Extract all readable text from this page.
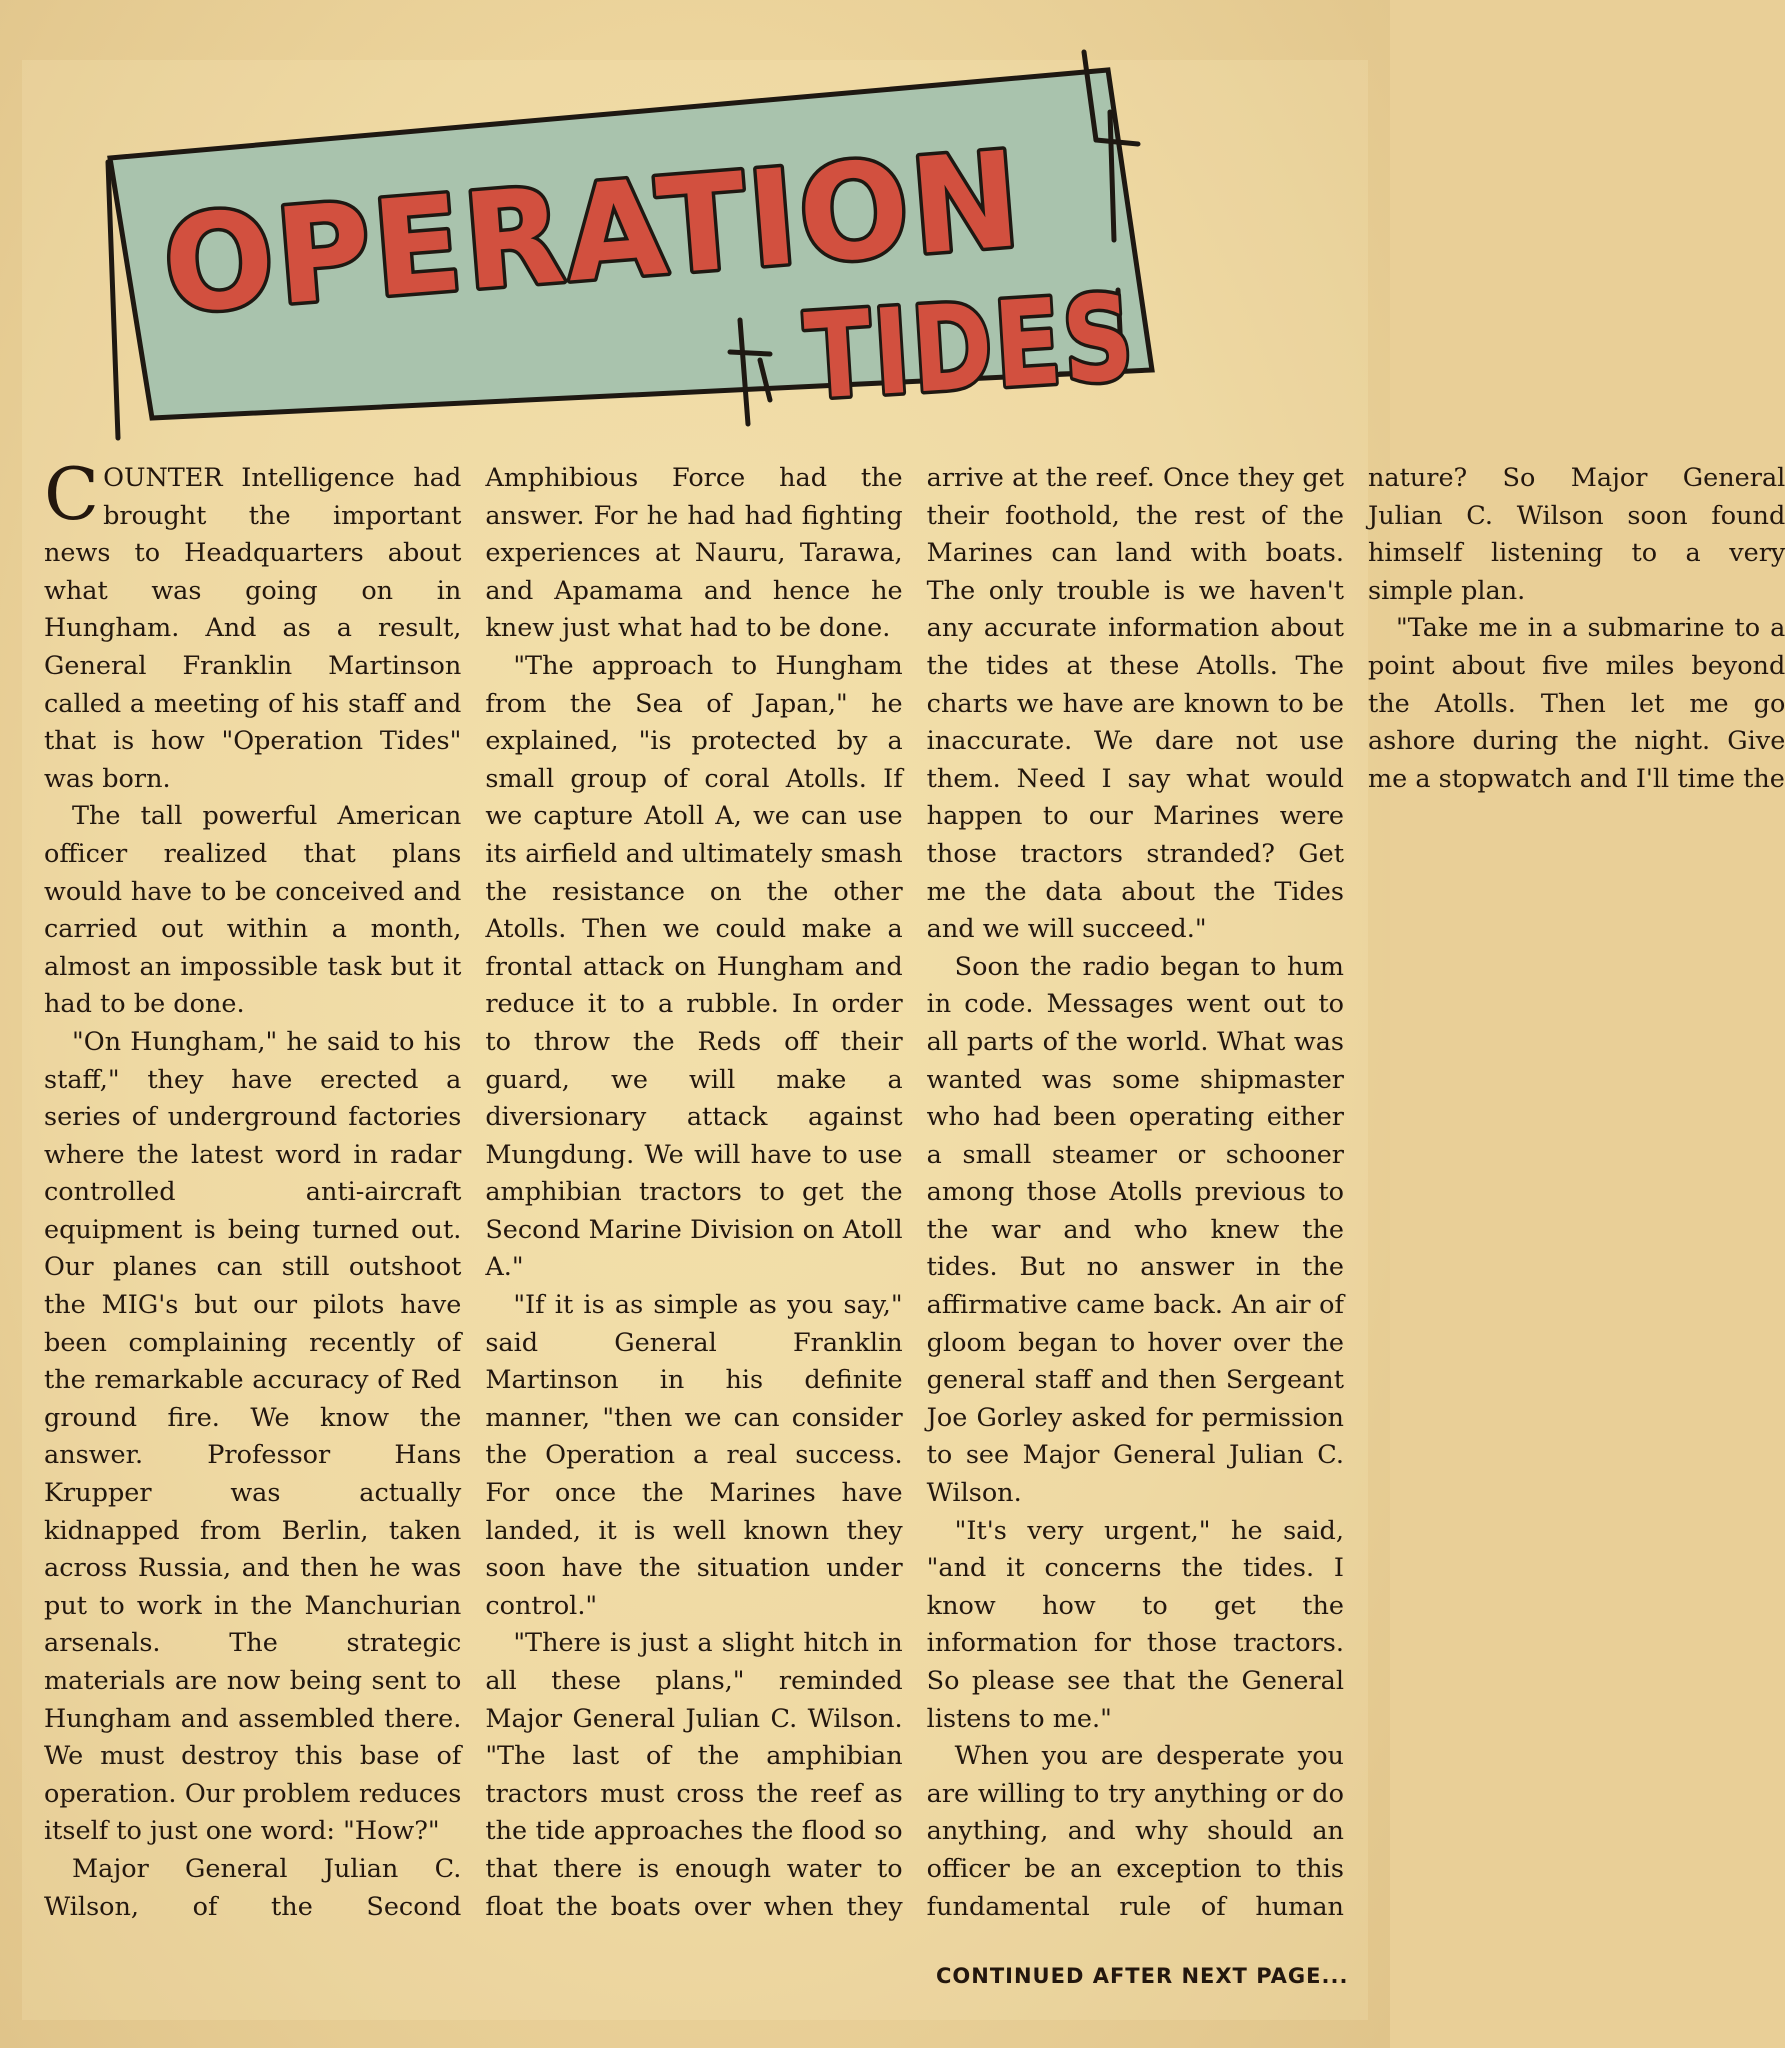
OPERATION
TIDES

COUNTER Intelligence had brought the important news to Headquarters about what was going on in Hungham. And as a result, General Franklin Martinson called a meeting of his staff and that is how "Operation Tides" was born.

The tall powerful American officer realized that plans would have to be conceived and carried out within a month, almost an impossible task but it had to be done.

"On Hungham," he said to his staff," they have erected a series of underground factories where the latest word in radar controlled anti-aircraft equipment is being turned out. Our planes can still outshoot the MIG's but our pilots have been complaining recently of the remarkable accuracy of Red ground fire. We know the answer. Professor Hans Krupper was actually kidnapped from Berlin, taken across Russia, and then he was put to work in the Manchurian arsenals. The strategic materials are now being sent to Hungham and assembled there. We must destroy this base of operation. Our problem reduces itself to just one word: "How?"

Major General Julian C. Wilson, of the Second Amphibious Force had the answer. For he had had fighting experiences at Nauru, Tarawa, and Apamama and hence he knew just what had to be done.

"The approach to Hungham from the Sea of Japan," he explained, "is protected by a small group of coral Atolls. If we capture Atoll A, we can use its airfield and ultimately smash the resistance on the other Atolls. Then we could make a frontal attack on Hungham and reduce it to a rubble. In order to throw the Reds off their guard, we will make a diversionary attack against Mungdung. We will have to use amphibian tractors to get the Second Marine Division on Atoll A."

"If it is as simple as you say," said General Franklin Martinson in his definite manner, "then we can consider the Operation a real success. For once the Marines have landed, it is well known they soon have the situation under control."

"There is just a slight hitch in all these plans," reminded Major General Julian C. Wilson. "The last of the amphibian tractors must cross the reef as the tide approaches the flood so that there is enough water to float the boats over when they arrive at the reef. Once they get their foothold, the rest of the Marines can land with boats. The only trouble is we haven't any accurate information about the tides at these Atolls. The charts we have are known to be inaccurate. We dare not use them. Need I say what would happen to our Marines were those tractors stranded? Get me the data about the Tides and we will succeed."

Soon the radio began to hum in code. Messages went out to all parts of the world. What was wanted was some shipmaster who had been operating either a small steamer or schooner among those Atolls previous to the war and who knew the tides. But no answer in the affirmative came back. An air of gloom began to hover over the general staff and then Sergeant Joe Gorley asked for permission to see Major General Julian C. Wilson.

"It's very urgent," he said, "and it concerns the tides. I know how to get the information for those tractors. So please see that the General listens to me."

When you are desperate you are willing to try anything or do anything, and why should an officer be an exception to this fundamental rule of human nature? So Major General Julian C. Wilson soon found himself listening to a very simple plan.

"Take me in a submarine to a point about five miles beyond the Atolls. Then let me go ashore during the night. Give me a stopwatch and I'll time the

CONTINUED AFTER NEXT PAGE...
